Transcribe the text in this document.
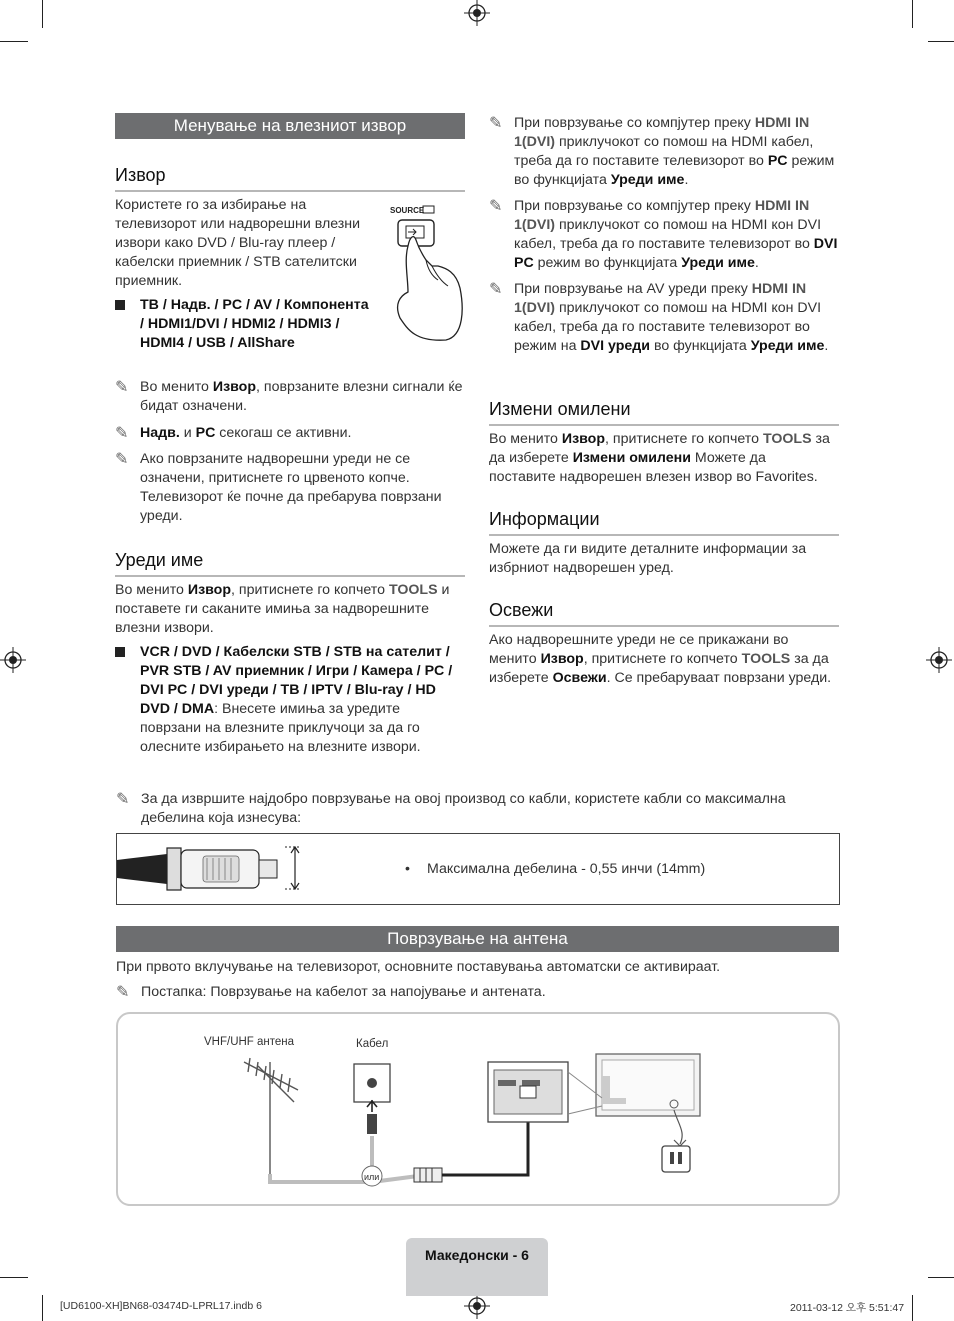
Менување на влезниот извор
Извор
Користете го за избирање на телевизорот или надворешни влезни извори како DVD / Blu-ray плеер / кабелски приемник / STB сателитски приемник.
SOURCE
ТВ / Надв. / PC / AV / Компонента / HDMI1/DVI / HDMI2 / HDMI3 / HDMI4 / USB / AllShare
✎ Во менито Извор, поврзаните влезни сигнали ќе бидат означени.
✎ Надв. и PC секогаш се активни.
✎ Ако поврзаните надворешни уреди не се означени, притиснете го црвеното копче. Телевизорот ќе почне да пребарува поврзани уреди.
Уреди име
Во менито Извор, притиснете го копчето TOOLS и поставете ги саканите имиња за надворешните влезни извори.
VCR / DVD / Кабелски STB / STB на сателит / PVR STB / AV приемник / Игри / Камера / PC / DVI PC / DVI уреди / ТВ / IPTV / Blu-ray / HD DVD / DMA: Внесете имиња за уредите поврзани на влезните приклучоци за да го олесните избирањето на влезните извори.
✎ При поврзување со компјутер преку HDMI IN 1(DVI) приклучокот со помош на HDMI кабел, треба да го поставите телевизорот во PC режим во функцијата Уреди име.
✎ При поврзување со компјутер преку HDMI IN 1(DVI) приклучокот со помош на HDMI кон DVI кабел, треба да го поставите телевизорот во DVI PC режим во функцијата Уреди име.
✎ При поврзување на AV уреди преку HDMI IN 1(DVI) приклучокот со помош на HDMI кон DVI кабел, треба да го поставите телевизорот во режим на DVI уреди во функцијата Уреди име.
Измени омилени
Во менито Извор, притиснете го копчето TOOLS за да изберете Измени омилени Можете да поставите надворешен влезен извор во Favorites.
Информации
Можете да ги видите деталните информации за избрниот надворешен уред.
Освежи
Ако надворешните уреди не се прикажани во менито Извор, притиснете го копчето TOOLS за да изберете Освежи. Се пребаруваат поврзани уреди.
✎ За да извршите најдобро поврзување на овој производ со кабли, користете кабли со максимална дебелина која изнесува:
• Максимална дебелина - 0,55 инчи (14mm)
Поврзување на антена
При првото вклучување на телевизорот, основните поставувања автоматски се активираат.
✎ Постапка: Поврзување на кабелот за напојување и антената.
VHF/UHF антена	Кабел
или
Македонски - 6
[UD6100-XH]BN68-03474D-LPRL17.indb 6	2011-03-12 오후 5:51:47
